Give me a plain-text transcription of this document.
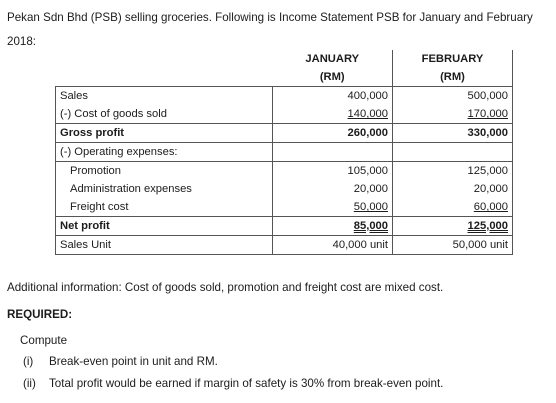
Pekan Sdn Bhd (PSB) selling groceries. Following is Income Statement PSB for January and February 2018:
	JANUARY	FEBRUARY
	(RM)	(RM)
Sales	400,000	500,000
(-) Cost of goods sold	140,000	170,000
Gross profit	260,000	330,000
(-) Operating expenses:		
Promotion	105,000	125,000
Administration expenses	20,000	20,000
Freight cost	50,000	60,000
Net profit	85,000	125,000
Sales Unit	40,000 unit	50,000 unit
Additional information: Cost of goods sold, promotion and freight cost are mixed cost.
REQUIRED:
Compute
(i) Break-even point in unit and RM.
(ii) Total profit would be earned if margin of safety is 30% from break-even point.
